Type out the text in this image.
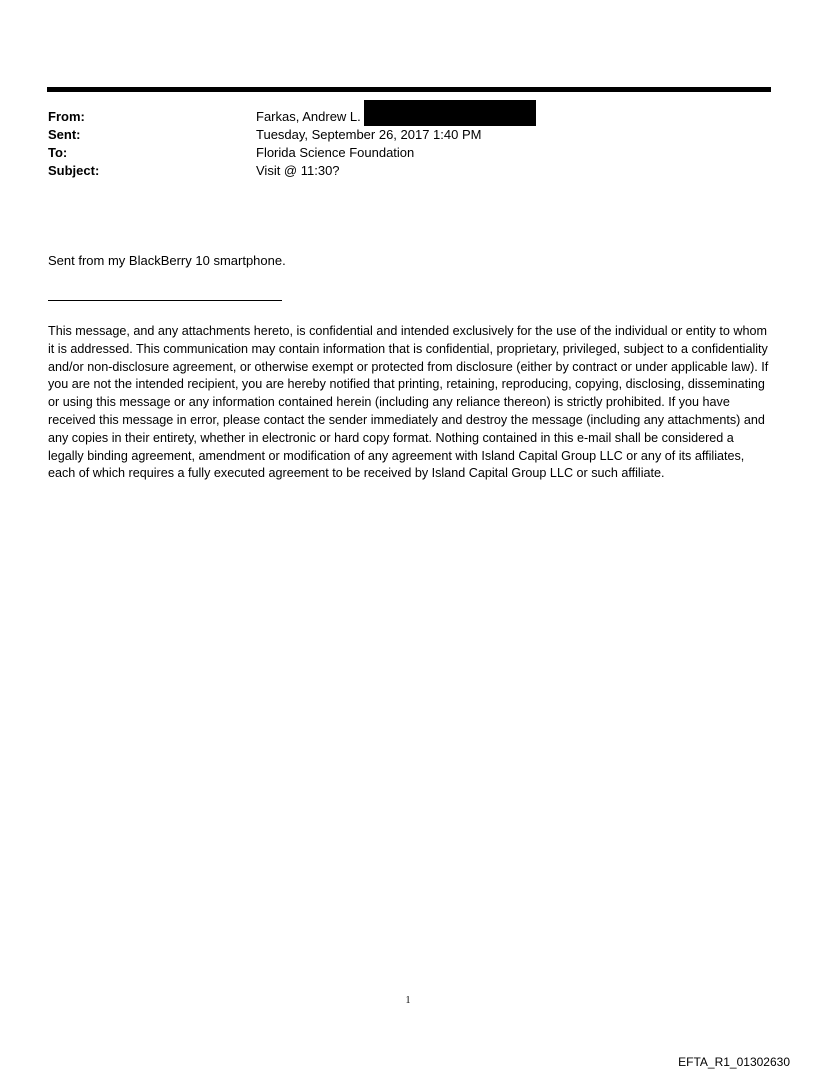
From:	Farkas, Andrew L.
Sent:	Tuesday, September 26, 2017 1:40 PM
To:	Florida Science Foundation
Subject:	Visit @ 11:30?
Sent from my BlackBerry 10 smartphone.
This message, and any attachments hereto, is confidential and intended exclusively for the use of the individual or entity to whom it is addressed. This communication may contain information that is confidential, proprietary, privileged, subject to a confidentiality and/or non-disclosure agreement, or otherwise exempt or protected from disclosure (either by contract or under applicable law). If you are not the intended recipient, you are hereby notified that printing, retaining, reproducing, copying, disclosing, disseminating or using this message or any information contained herein (including any reliance thereon) is strictly prohibited. If you have received this message in error, please contact the sender immediately and destroy the message (including any attachments) and any copies in their entirety, whether in electronic or hard copy format. Nothing contained in this e-mail shall be considered a legally binding agreement, amendment or modification of any agreement with Island Capital Group LLC or any of its affiliates, each of which requires a fully executed agreement to be received by Island Capital Group LLC or such affiliate.
1
EFTA_R1_01302630
